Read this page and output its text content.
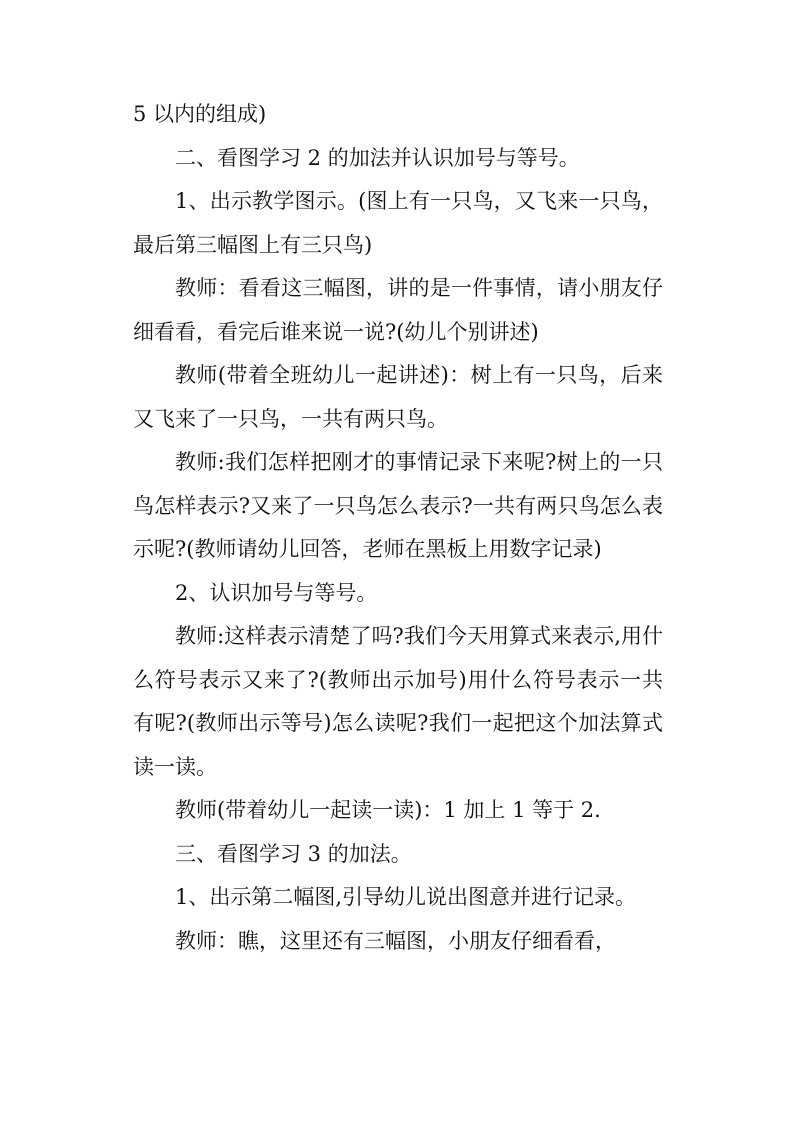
5 以内的组成)

二、看图学习 2 的加法并认识加号与等号。

1、出示教学图示。(图上有一只鸟，又飞来一只鸟，最后第三幅图上有三只鸟)

教师：看看这三幅图，讲的是一件事情，请小朋友仔细看看，看完后谁来说一说?(幼儿个别讲述)

教师(带着全班幼儿一起讲述)：树上有一只鸟，后来又飞来了一只鸟，一共有两只鸟。

教师:我们怎样把刚才的事情记录下来呢?树上的一只鸟怎样表示?又来了一只鸟怎么表示?一共有两只鸟怎么表示呢?(教师请幼儿回答，老师在黑板上用数字记录)

2、认识加号与等号。

教师:这样表示清楚了吗?我们今天用算式来表示,用什么符号表示又来了?(教师出示加号)用什么符号表示一共有呢?(教师出示等号)怎么读呢?我们一起把这个加法算式读一读。

教师(带着幼儿一起读一读)：1 加上 1 等于 2.

三、看图学习 3 的加法。

1、出示第二幅图,引导幼儿说出图意并进行记录。

教师：瞧，这里还有三幅图，小朋友仔细看看，
